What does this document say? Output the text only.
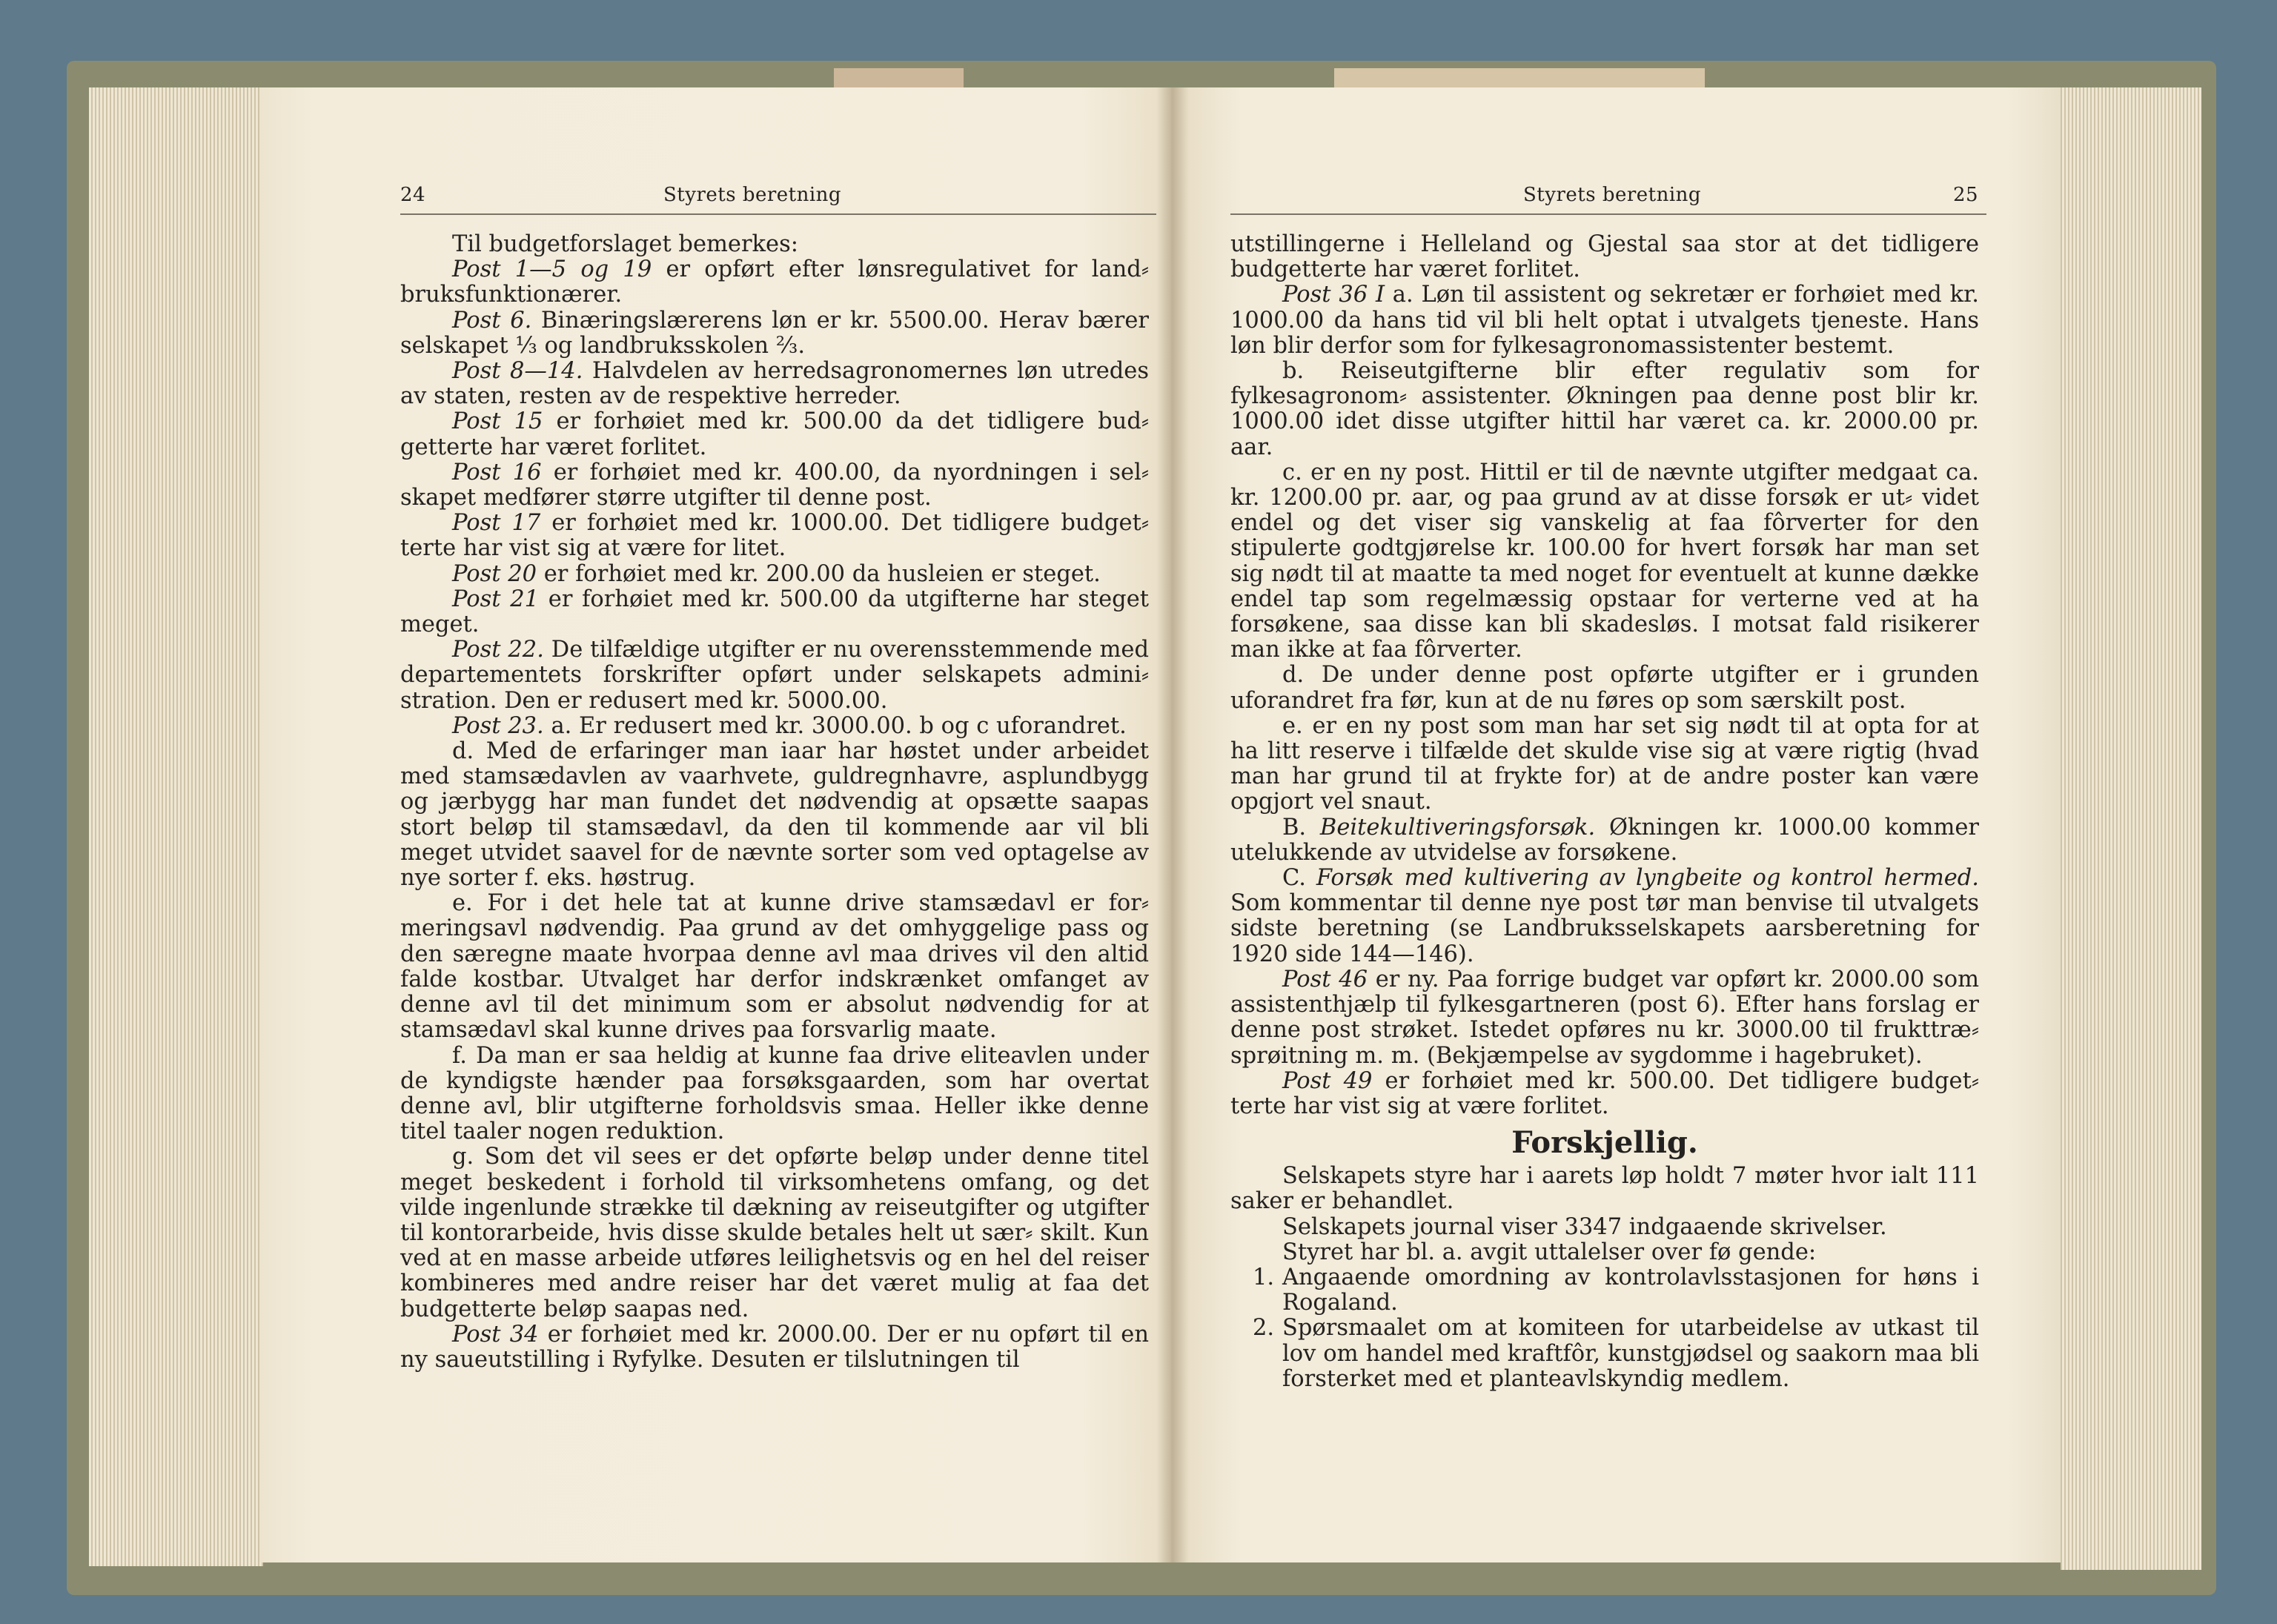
24	Styrets beretning

Til budgetforslaget bemerkes:

Post 1—5 og 19 er opført efter lønsregulativet for land⸗ bruksfunktionærer.

Post 6. Binæringslærerens løn er kr. 5500.00. Herav bærer selskapet ⅓ og landbruksskolen ⅔.

Post 8—14. Halvdelen av herredsagronomernes løn utredes av staten, resten av de respektive herreder.

Post 15 er forhøiet med kr. 500.00 da det tidligere bud⸗ getterte har været forlitet.

Post 16 er forhøiet med kr. 400.00, da nyordningen i sel⸗ skapet medfører større utgifter til denne post.

Post 17 er forhøiet med kr. 1000.00. Det tidligere budget⸗ terte har vist sig at være for litet.

Post 20 er forhøiet med kr. 200.00 da husleien er steget.

Post 21 er forhøiet med kr. 500.00 da utgifterne har steget meget.

Post 22. De tilfældige utgifter er nu overensstemmende med departementets forskrifter opført under selskapets admini⸗ stration. Den er redusert med kr. 5000.00.

Post 23. a. Er redusert med kr. 3000.00. b og c uforandret.

d. Med de erfaringer man iaar har høstet under arbeidet med stamsædavlen av vaarhvete, guldregnhavre, asplundbygg og jærbygg har man fundet det nødvendig at opsætte saapas stort beløp til stamsædavl, da den til kommende aar vil bli meget utvidet saavel for de nævnte sorter som ved optagelse av nye sorter f. eks. høstrug.

e. For i det hele tat at kunne drive stamsædavl er for⸗ meringsavl nødvendig. Paa grund av det omhyggelige pass og den særegne maate hvorpaa denne avl maa drives vil den altid falde kostbar. Utvalget har derfor indskrænket omfanget av denne avl til det minimum som er absolut nødvendig for at stamsædavl skal kunne drives paa forsvarlig maate.

f. Da man er saa heldig at kunne faa drive eliteavlen under de kyndigste hænder paa forsøksgaarden, som har overtat denne avl, blir utgifterne forholdsvis smaa. Heller ikke denne titel taaler nogen reduktion.

g. Som det vil sees er det opførte beløp under denne titel meget beskedent i forhold til virksomhetens omfang, og det vilde ingenlunde strække til dækning av reiseutgifter og utgifter til kontorarbeide, hvis disse skulde betales helt ut sær⸗ skilt. Kun ved at en masse arbeide utføres leilighetsvis og en hel del reiser kombineres med andre reiser har det været mulig at faa det budgetterte beløp saapas ned.

Post 34 er forhøiet med kr. 2000.00. Der er nu opført til en ny saueutstilling i Ryfylke. Desuten er tilslutningen til

Styrets beretning	25

utstillingerne i Helleland og Gjestal saa stor at det tidligere budgetterte har været forlitet.

Post 36 I a. Løn til assistent og sekretær er forhøiet med kr. 1000.00 da hans tid vil bli helt optat i utvalgets tjeneste. Hans løn blir derfor som for fylkesagronomassistenter bestemt.

b. Reiseutgifterne blir efter regulativ som for fylkesagronom⸗ assistenter. Økningen paa denne post blir kr. 1000.00 idet disse utgifter hittil har været ca. kr. 2000.00 pr. aar.

c. er en ny post. Hittil er til de nævnte utgifter medgaat ca. kr. 1200.00 pr. aar, og paa grund av at disse forsøk er ut⸗ videt endel og det viser sig vanskelig at faa fôrverter for den stipulerte godtgjørelse kr. 100.00 for hvert forsøk har man set sig nødt til at maatte ta med noget for eventuelt at kunne dække endel tap som regelmæssig opstaar for verterne ved at ha forsøkene, saa disse kan bli skadesløs. I motsat fald risikerer man ikke at faa fôrverter.

d. De under denne post opførte utgifter er i grunden uforandret fra før, kun at de nu føres op som særskilt post.

e. er en ny post som man har set sig nødt til at opta for at ha litt reserve i tilfælde det skulde vise sig at være rigtig (hvad man har grund til at frykte for) at de andre poster kan være opgjort vel snaut.

B. Beitekultiveringsforsøk. Økningen kr. 1000.00 kommer utelukkende av utvidelse av forsøkene.

C. Forsøk med kultivering av lyngbeite og kontrol hermed. Som kommentar til denne nye post tør man benvise til utvalgets sidste beretning (se Landbruksselskapets aarsberetning for 1920 side 144—146).

Post 46 er ny. Paa forrige budget var opført kr. 2000.00 som assistenthjælp til fylkesgartneren (post 6). Efter hans forslag er denne post strøket. Istedet opføres nu kr. 3000.00 til frukttræ⸗ sprøitning m. m. (Bekjæmpelse av sygdomme i hagebruket).

Post 49 er forhøiet med kr. 500.00. Det tidligere budget⸗ terte har vist sig at være forlitet.

Forskjellig.

Selskapets styre har i aarets løp holdt 7 møter hvor ialt 111 saker er behandlet.

Selskapets journal viser 3347 indgaaende skrivelser.

Styret har bl. a. avgit uttalelser over fø gende:

1. Angaaende omordning av kontrolavlsstasjonen for høns i Rogaland.

2. Spørsmaalet om at komiteen for utarbeidelse av utkast til lov om handel med kraftfôr, kunstgjødsel og saakorn maa bli forsterket med et planteavlskyndig medlem.
